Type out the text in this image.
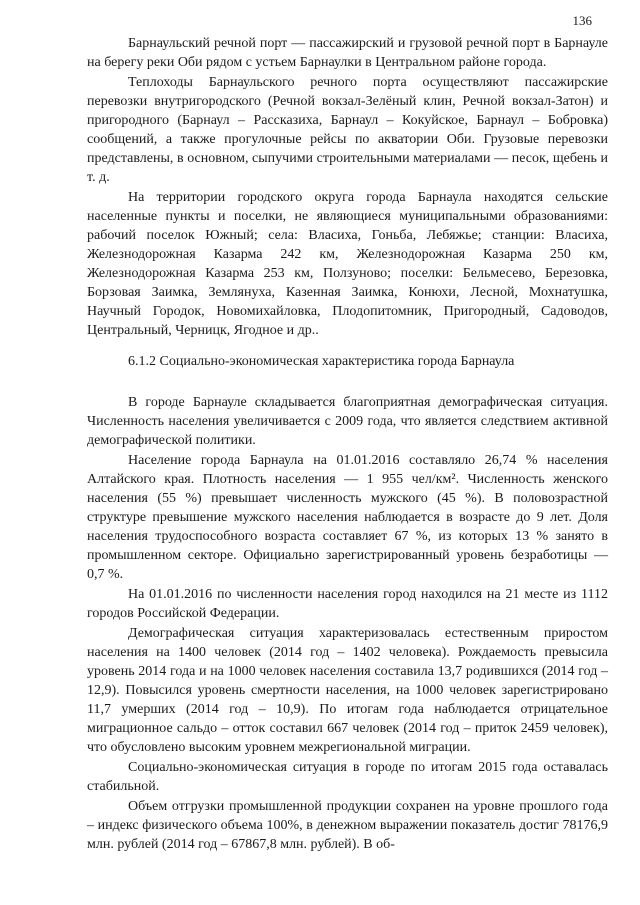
136

Барнаульский речной порт — пассажирский и грузовой речной порт в Барнауле на берегу реки Оби рядом с устьем Барнаулки в Центральном районе города.

Теплоходы Барнаульского речного порта осуществляют пассажирские перевозки внутригородского (Речной вокзал-Зелёный клин, Речной вокзал-Затон) и пригородного (Барнаул – Рассказиха, Барнаул – Кокуйское, Барнаул – Бобровка) сообщений, а также прогулочные рейсы по акватории Оби. Грузовые перевозки представлены, в основном, сыпучими строительными материалами — песок, щебень и т. д.

На территории городского округа города Барнаула находятся сельские населенные пункты и поселки, не являющиеся муниципальными образованиями: рабочий поселок Южный; села: Власиха, Гоньба, Лебяжье; станции: Власиха, Железнодорожная Казарма 242 км, Железнодорожная Казарма 250 км, Железнодорожная Казарма 253 км, Ползуново; поселки: Бельмесево, Березовка, Борзовая Заимка, Землянуха, Казенная Заимка, Конюхи, Лесной, Мохнатушка, Научный Городок, Новомихайловка, Плодопитомник, Пригородный, Садоводов, Центральный, Черницк, Ягодное и др..

6.1.2 Социально-экономическая характеристика города Барнаула

В городе Барнауле складывается благоприятная демографическая ситуация. Численность населения увеличивается с 2009 года, что является следствием активной демографической политики.

Население города Барнаула на 01.01.2016 составляло 26,74 % населения Алтайского края. Плотность населения — 1 955 чел/км². Численность женского населения (55 %) превышает численность мужского (45 %). В половозрастной структуре превышение мужского населения наблюдается в возрасте до 9 лет. Доля населения трудоспособного возраста составляет 67 %, из которых 13 % занято в промышленном секторе. Официально зарегистрированный уровень безработицы — 0,7 %.

На 01.01.2016 по численности населения город находился на 21 месте из 1112 городов Российской Федерации.

Демографическая ситуация характеризовалась естественным приростом населения на 1400 человек (2014 год – 1402 человека). Рождаемость превысила уровень 2014 года и на 1000 человек населения составила 13,7 родившихся (2014 год – 12,9). Повысился уровень смертности населения, на 1000 человек зарегистрировано 11,7 умерших (2014 год – 10,9). По итогам года наблюдается отрицательное миграционное сальдо – отток составил 667 человек (2014 год – приток 2459 человек), что обусловлено высоким уровнем межрегиональной миграции.

Социально-экономическая ситуация в городе по итогам 2015 года оставалась стабильной.

Объем отгрузки промышленной продукции сохранен на уровне прошлого года – индекс физического объема 100%, в денежном выражении показатель достиг 78176,9 млн. рублей (2014 год – 67867,8 млн. рублей). В об-
